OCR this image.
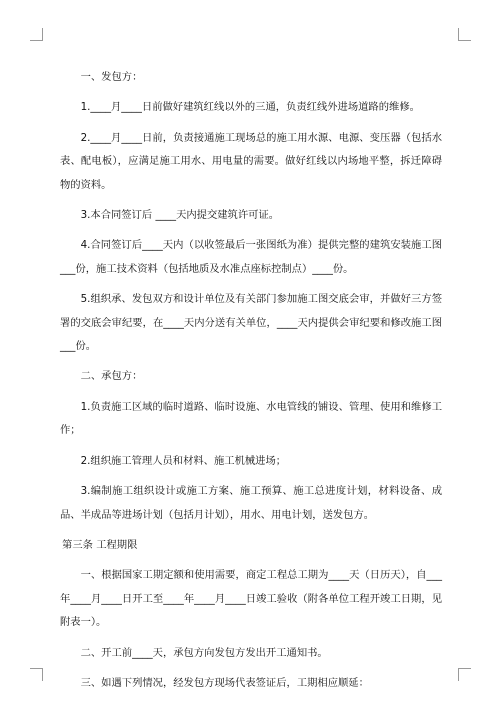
一、发包方：

1.____月____日前做好建筑红线以外的三通，负责红线外进场道路的维修。

2.____月____日前，负责接通施工现场总的施工用水源、电源、变压器（包括水表、配电板），应满足施工用水、用电量的需要。做好红线以内场地平整，拆迁障碍物的资料。

3.本合同签订后 ____天内提交建筑许可证。

4.合同签订后____天内（以收签最后一张图纸为准）提供完整的建筑安装施工图___份，施工技术资料（包括地质及水准点座标控制点）____份。

5.组织承、发包双方和设计单位及有关部门参加施工图交底会审，并做好三方签署的交底会审纪要，在____天内分送有关单位，____天内提供会审纪要和修改施工图___份。

二、承包方：

1.负责施工区域的临时道路、临时设施、水电管线的铺设、管理、使用和维修工作；

2.组织施工管理人员和材料、施工机械进场；

3.编制施工组织设计或施工方案、施工预算、施工总进度计划，材料设备、成品、半成品等进场计划（包括月计划），用水、用电计划，送发包方。

第三条 工程期限

一、根据国家工期定额和使用需要，商定工程总工期为____天（日历天），自___年____月____日开工至____年____月____日竣工验收（附各单位工程开竣工日期，见附表一）。

二、开工前____天，承包方向发包方发出开工通知书。

三、如遇下列情况，经发包方现场代表签证后，工期相应顺延：
